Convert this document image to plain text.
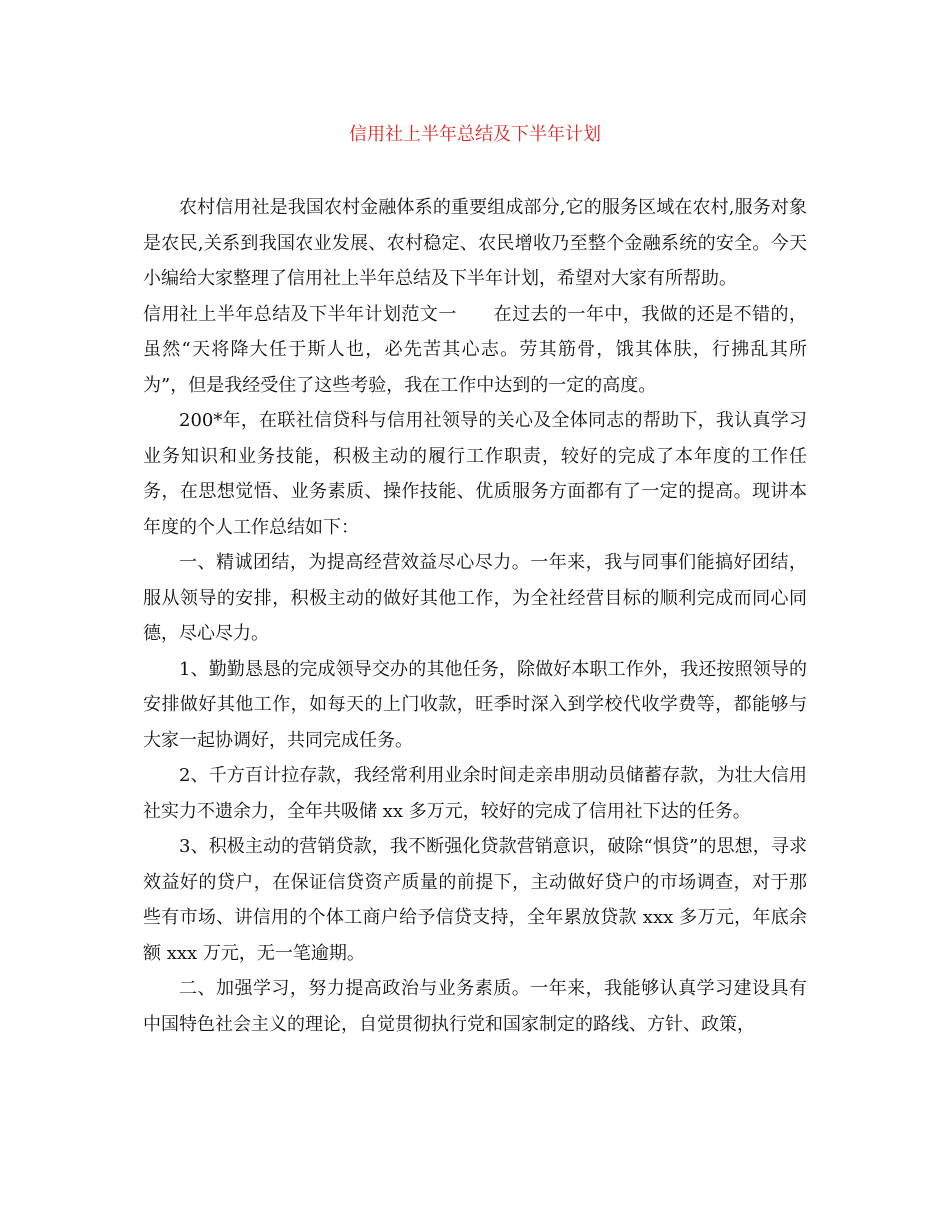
信用社上半年总结及下半年计划

农村信用社是我国农村金融体系的重要组成部分,它的服务区域在农村,服务对象是农民,关系到我国农业发展、农村稳定、农民增收乃至整个金融系统的安全。今天小编给大家整理了信用社上半年总结及下半年计划，希望对大家有所帮助。

信用社上半年总结及下半年计划范文一　　在过去的一年中，我做的还是不错的，虽然“天将降大任于斯人也，必先苦其心志。劳其筋骨，饿其体肤，行拂乱其所为”，但是我经受住了这些考验，我在工作中达到的一定的高度。

200*年，在联社信贷科与信用社领导的关心及全体同志的帮助下，我认真学习业务知识和业务技能，积极主动的履行工作职责，较好的完成了本年度的工作任务，在思想觉悟、业务素质、操作技能、优质服务方面都有了一定的提高。现讲本年度的个人工作总结如下：

一、精诚团结，为提高经营效益尽心尽力。一年来，我与同事们能搞好团结，服从领导的安排，积极主动的做好其他工作，为全社经营目标的顺利完成而同心同德，尽心尽力。

1、勤勤恳恳的完成领导交办的其他任务，除做好本职工作外，我还按照领导的安排做好其他工作，如每天的上门收款，旺季时深入到学校代收学费等，都能够与大家一起协调好，共同完成任务。

2、千方百计拉存款，我经常利用业余时间走亲串朋动员储蓄存款，为壮大信用社实力不遗余力，全年共吸储 xx 多万元，较好的完成了信用社下达的任务。

3、积极主动的营销贷款，我不断强化贷款营销意识，破除“惧贷”的思想，寻求效益好的贷户，在保证信贷资产质量的前提下，主动做好贷户的市场调查，对于那些有市场、讲信用的个体工商户给予信贷支持，全年累放贷款 xxx 多万元，年底余额 xxx 万元，无一笔逾期。

二、加强学习，努力提高政治与业务素质。一年来，我能够认真学习建设具有中国特色社会主义的理论，自觉贯彻执行党和国家制定的路线、方针、政策，
